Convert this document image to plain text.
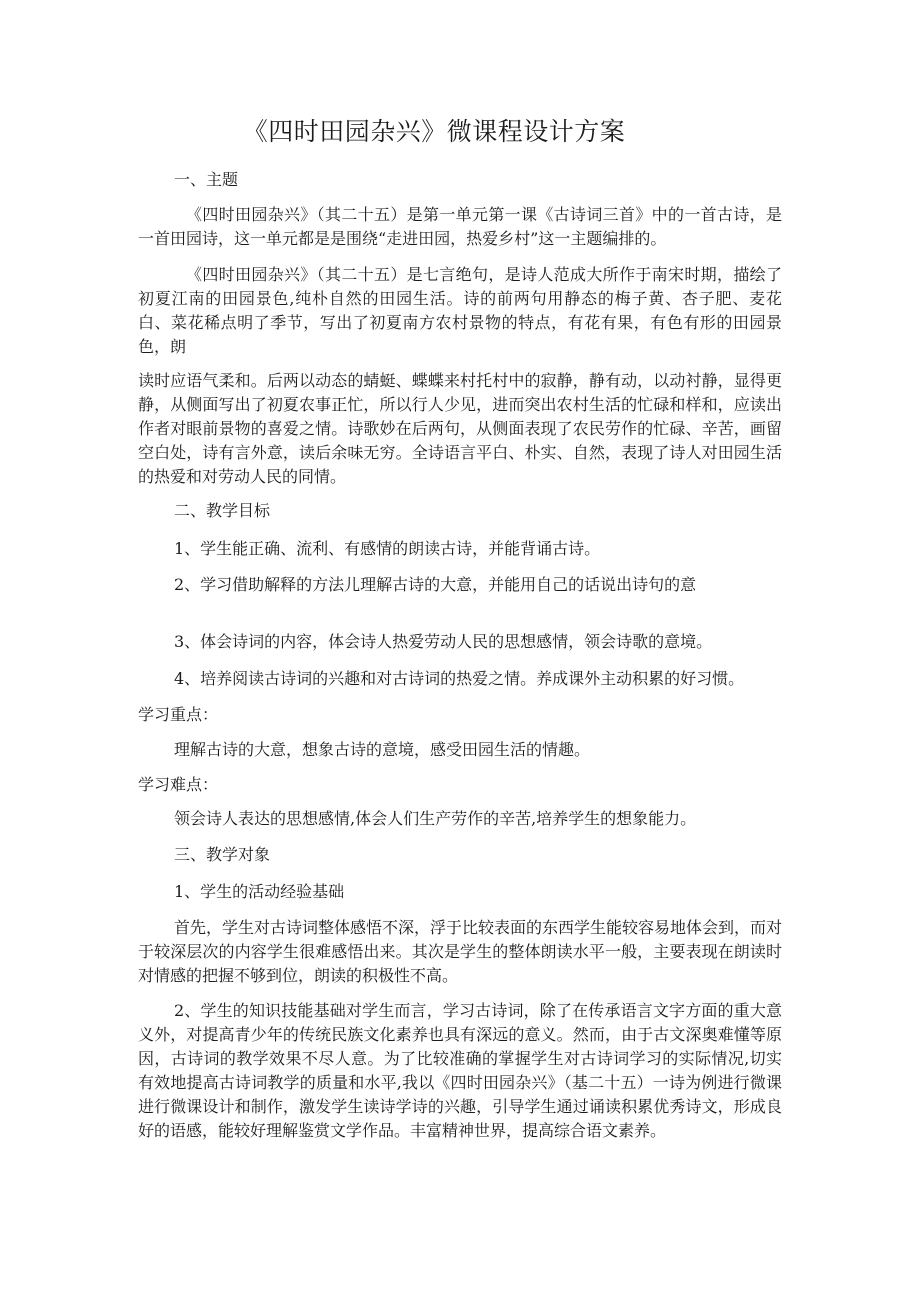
《四时田园杂兴》微课程设计方案

一、主题

《四时田园杂兴》（其二十五）是第一单元第一课《古诗词三首》中的一首古诗，是一首田园诗，这一单元都是是围绕“走进田园，热爱乡村”这一主题编排的。

《四时田园杂兴》（其二十五）是七言绝句，是诗人范成大所作于南宋时期，描绘了初夏江南的田园景色,纯朴自然的田园生活。诗的前两句用静态的梅子黄、杏子肥、麦花白、菜花稀点明了季节，写出了初夏南方农村景物的特点，有花有果，有色有形的田园景色，朗

读时应语气柔和。后两以动态的蜻蜓、蝶蝶来村托村中的寂静，静有动，以动衬静，显得更静，从侧面写出了初夏农事正忙，所以行人少见，进而突出农村生活的忙碌和样和，应读出作者对眼前景物的喜爱之情。诗歌妙在后两句，从侧面表现了农民劳作的忙碌、辛苦，画留空白处，诗有言外意，读后余味无穷。全诗语言平白、朴实、自然，表现了诗人对田园生活的热爱和对劳动人民的同情。

二、教学目标

1、学生能正确、流利、有感情的朗读古诗，并能背诵古诗。

2、学习借助解释的方法儿理解古诗的大意，并能用自己的话说出诗句的意

3、体会诗词的内容，体会诗人热爱劳动人民的思想感情，领会诗歌的意境。

4、培养阅读古诗词的兴趣和对古诗词的热爱之情。养成课外主动积累的好习惯。

学习重点：

理解古诗的大意，想象古诗的意境，感受田园生活的情趣。

学习难点：

领会诗人表达的思想感情,体会人们生产劳作的辛苦,培养学生的想象能力。

三、教学对象

1、学生的活动经验基础

首先，学生对古诗词整体感悟不深，浮于比较表面的东西学生能较容易地体会到，而对于较深层次的内容学生很难感悟出来。其次是学生的整体朗读水平一般，主要表现在朗读时对情感的把握不够到位，朗读的积极性不高。

2、学生的知识技能基础对学生而言，学习古诗词，除了在传承语言文字方面的重大意义外，对提高青少年的传统民族文化素养也具有深远的意义。然而，由于古文深奥难懂等原因，古诗词的教学效果不尽人意。为了比较准确的掌握学生对古诗词学习的实际情况,切实有效地提高古诗词教学的质量和水平,我以《四时田园杂兴》（基二十五）一诗为例进行微课进行微课设计和制作，激发学生读诗学诗的兴趣，引导学生通过诵读积累优秀诗文，形成良好的语感，能较好理解鉴赏文学作品。丰富精神世界，提高综合语文素养。
